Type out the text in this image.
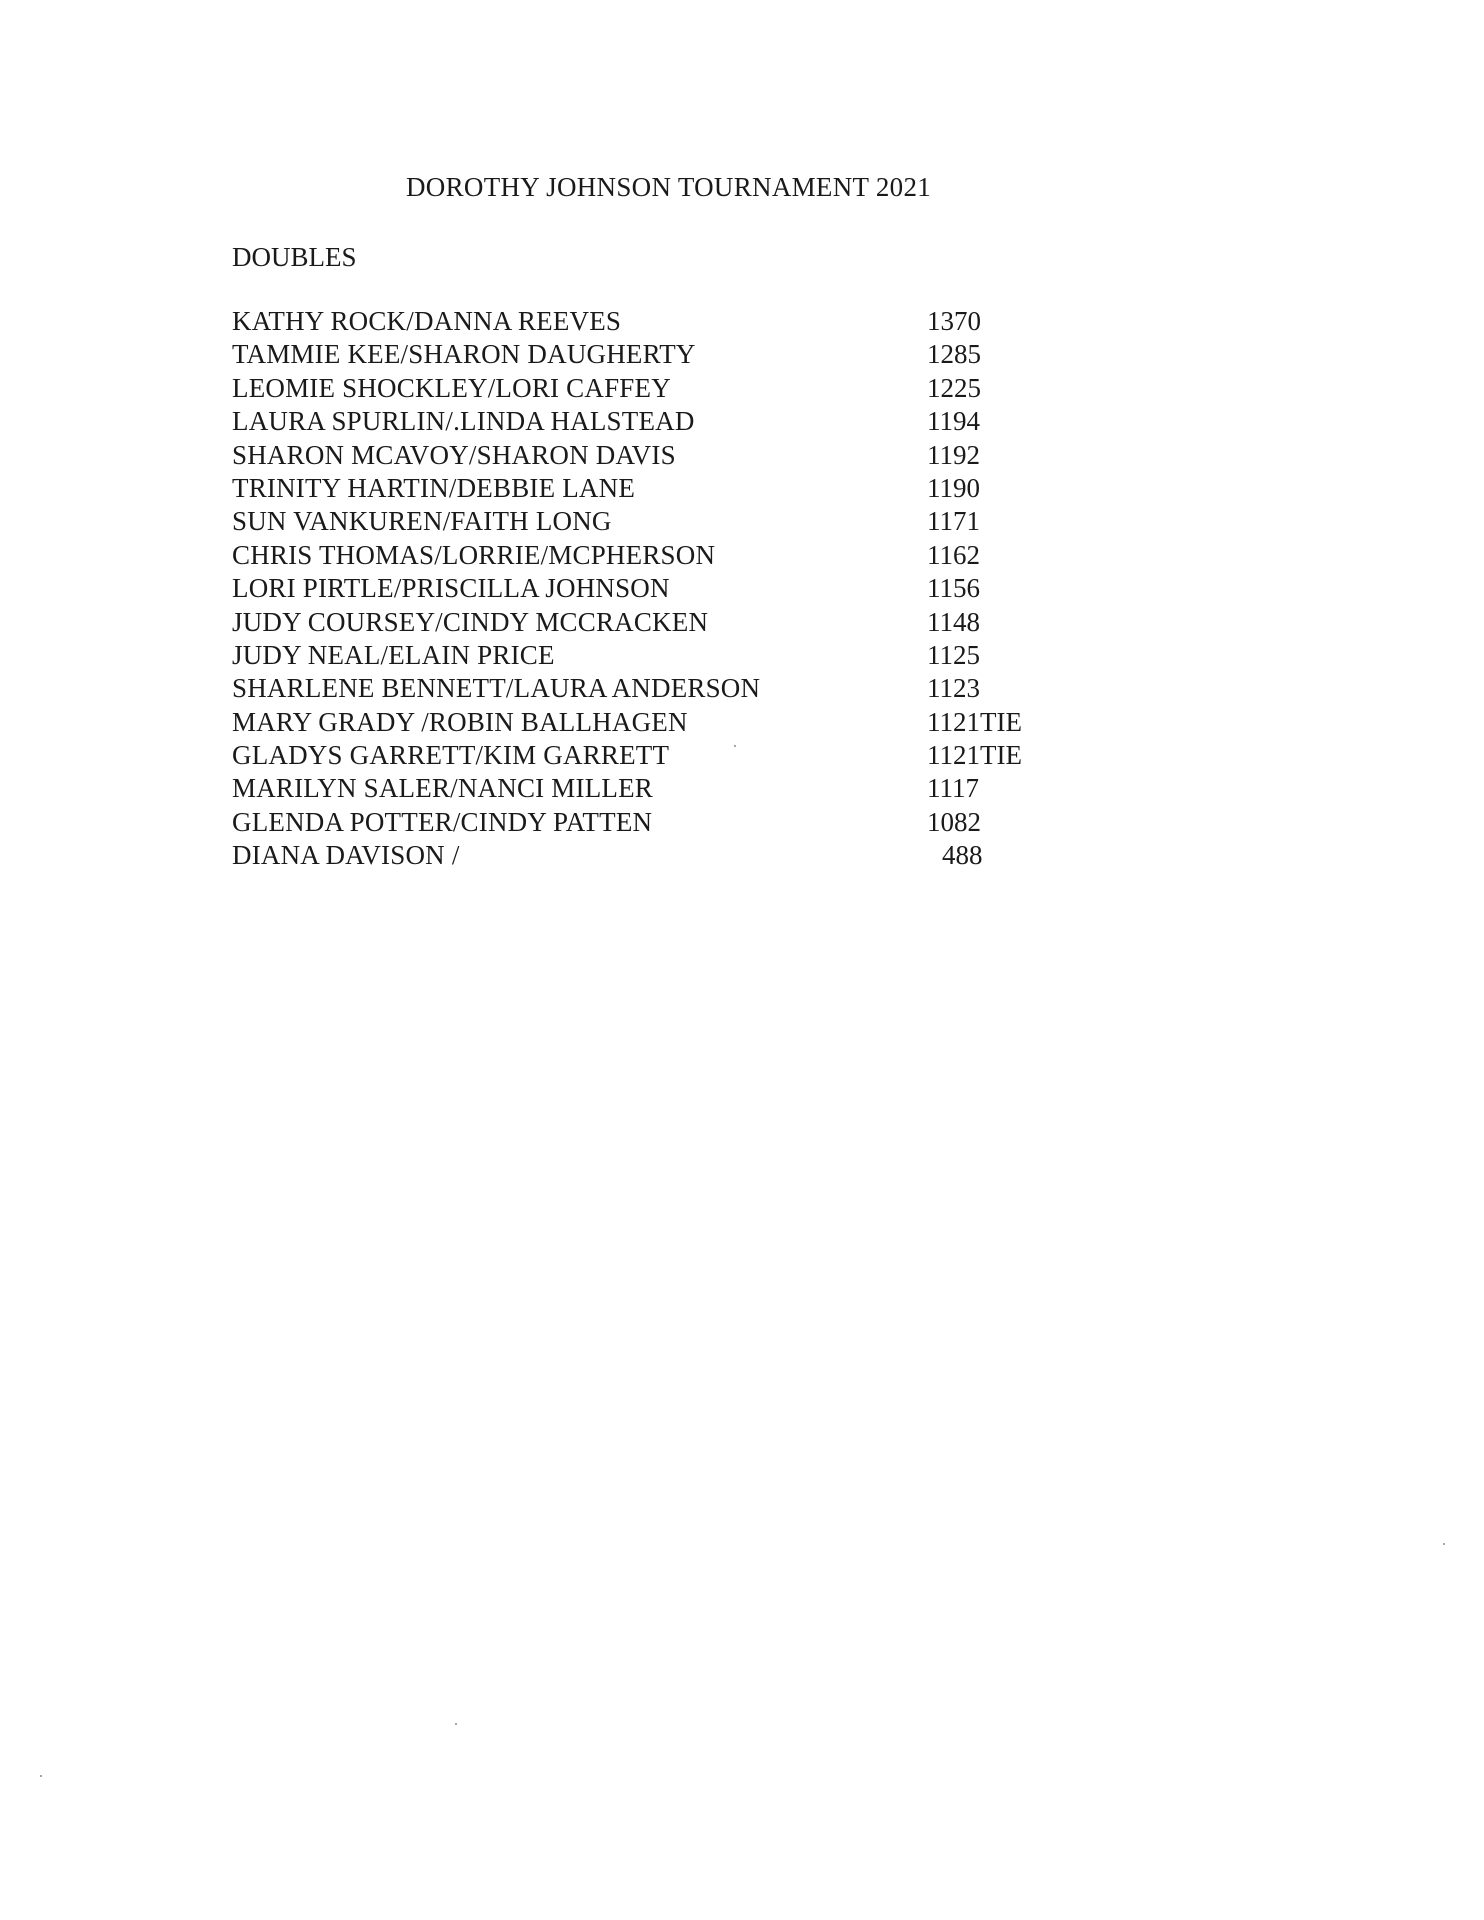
DOROTHY JOHNSON TOURNAMENT 2021
DOUBLES
KATHY ROCK/DANNA REEVES	1370
TAMMIE KEE/SHARON DAUGHERTY	1285
LEOMIE SHOCKLEY/LORI CAFFEY	1225
LAURA SPURLIN/.LINDA HALSTEAD	1194
SHARON MCAVOY/SHARON DAVIS	1192
TRINITY HARTIN/DEBBIE LANE	1190
SUN VANKUREN/FAITH LONG	1171
CHRIS THOMAS/LORRIE/MCPHERSON	1162
LORI PIRTLE/PRISCILLA JOHNSON	1156
JUDY COURSEY/CINDY MCCRACKEN	1148
JUDY NEAL/ELAIN PRICE	1125
SHARLENE BENNETT/LAURA ANDERSON	1123
MARY GRADY /ROBIN BALLHAGEN	1121TIE
GLADYS GARRETT/KIM GARRETT	1121TIE
MARILYN SALER/NANCI MILLER	1117
GLENDA POTTER/CINDY PATTEN	1082
DIANA DAVISON /	488
